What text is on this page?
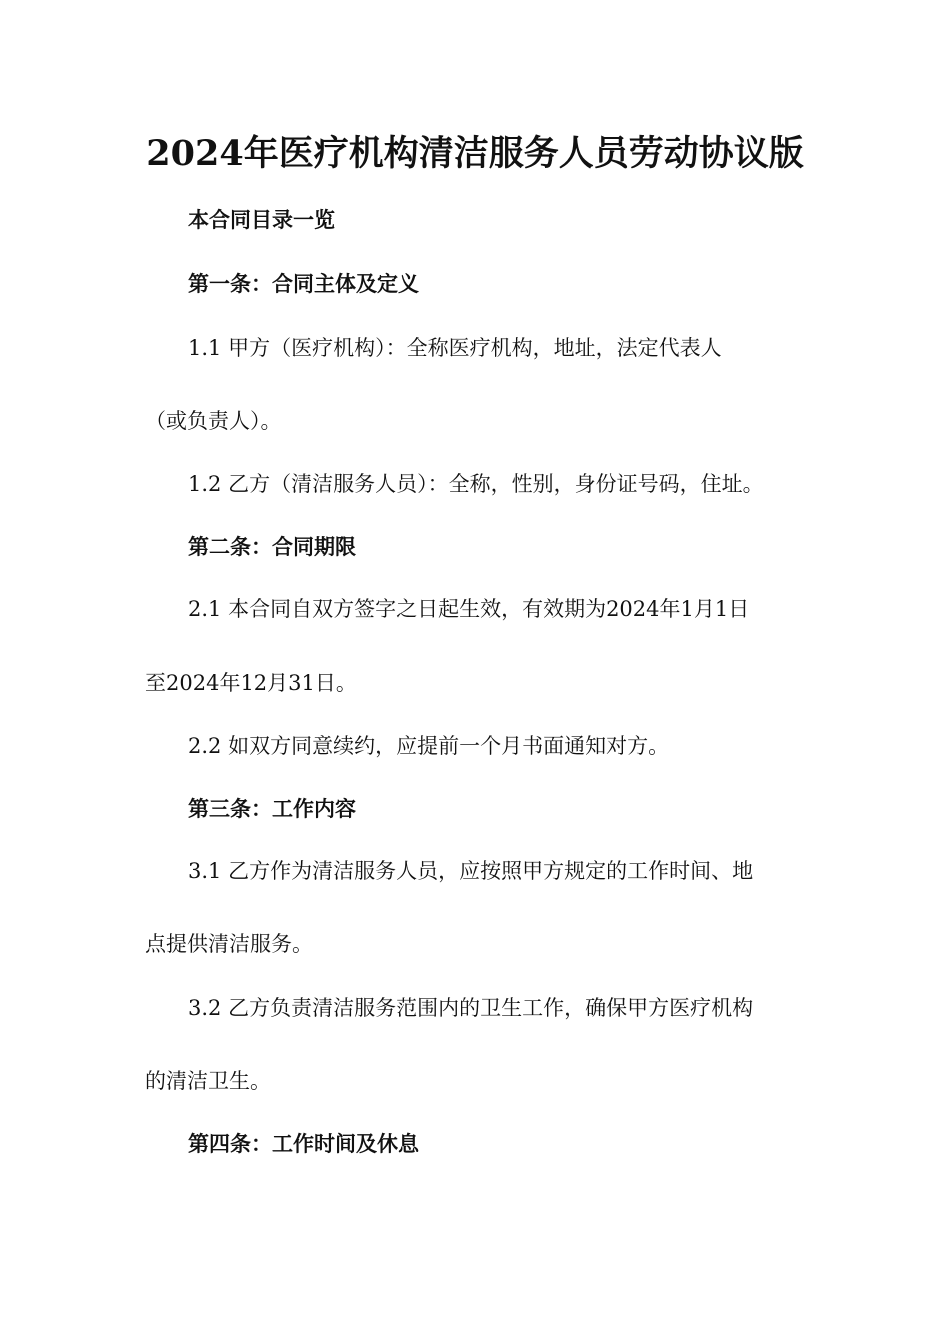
2024年医疗机构清洁服务人员劳动协议版
本合同目录一览
第一条：合同主体及定义
1.1 甲方（医疗机构）：全称医疗机构，地址，法定代表人
（或负责人）。
1.2 乙方（清洁服务人员）：全称，性别，身份证号码，住址。
第二条：合同期限
2.1 本合同自双方签字之日起生效，有效期为2024年1月1日
至2024年12月31日。
2.2 如双方同意续约，应提前一个月书面通知对方。
第三条：工作内容
3.1 乙方作为清洁服务人员，应按照甲方规定的工作时间、地
点提供清洁服务。
3.2 乙方负责清洁服务范围内的卫生工作，确保甲方医疗机构
的清洁卫生。
第四条：工作时间及休息
